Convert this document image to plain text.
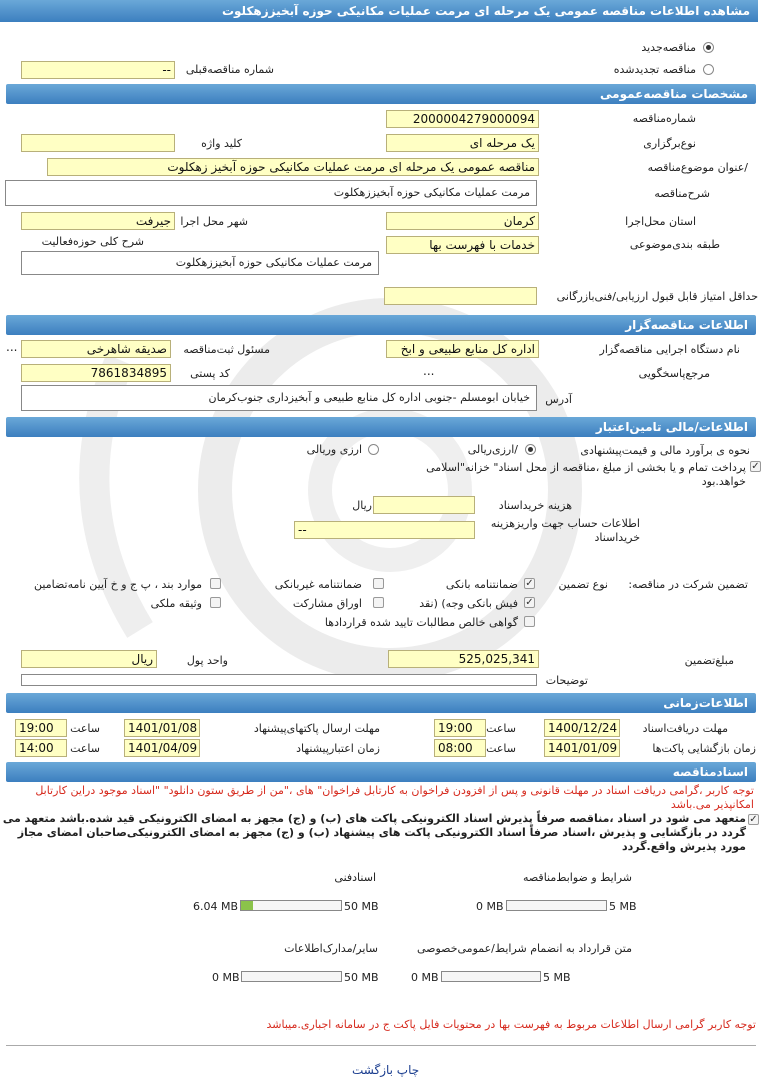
مشاهده اطلاعات مناقصه عمومی یک مرحله ای مرمت عملیات مکانیکی حوزه آبخیززهکلوت
مناقصه‌جدید
مناقصه تجدیدشده
شماره مناقصه‌قبلی
--
مشخصات مناقصه‌عمومی
شماره‌مناقصه
2000004279000094
نوع‌برگزاری
یک مرحله ای
کلید واژه
/عنوان موضوع‌مناقصه
مناقصه عمومی یک مرحله ای مرمت عملیات مکانیکی حوزه آبخیز زهکلوت
شرح‌مناقصه
مرمت عملیات مکانیکی حوزه آبخیززهکلوت
استان محل‌اجرا
کرمان
شهر محل اجرا
جیرفت
طبقه بندی‌موضوعی
خدمات با فهرست بها
شرح کلی حوزه‌فعالیت
مرمت عملیات مکانیکی حوزه آبخیززهکلوت
حداقل امتیاز قابل قبول ارزیابی/فنی‌بازرگانی
اطلاعات مناقصه‌گزار
نام دستگاه اجرایی مناقصه‌گزار
اداره کل منابع طبیعی و ابخ
مسئول ثبت‌مناقصه
صدیقه شاهرخی
...
مرجع‌پاسخگویی
...
کد پستی
7861834895
آدرس
خیابان ابومسلم -جنوبی اداره کل منابع طبیعی و آبخیزداری جنوب‌کرمان
اطلاعات/مالی تامین‌اعتبار
نحوه ی برآورد مالی و قیمت‌پیشنهادی
/ارزی‌ریالی
ارزی وریالی
✓
پرداخت تمام و یا بخشی از مبلغ ،مناقصه از محل اسناد" خزانه"اسلامی خواهد.بود
هزینه خریداسناد
ریال
اطلاعات حساب جهت واریزهزینه خریداسناد
--
تضمین شرکت در مناقصه:
نوع تضمین
✓
ضمانتنامه بانکی
ضمانتنامه غیربانکی
موارد بند ، پ ج و خ آیین نامه‌تضامین
✓
فیش بانکی وجه) (نقد
اوراق مشارکت
وثیقه ملکی
گواهی خالص مطالبات تایید شده قراردادها
مبلغ‌تضمین
525,025,341
واحد پول
ریال
توضیحات
اطلاعات‌زمانی
مهلت دریافت‌اسناد
1400/12/24
ساعت
19:00
مهلت ارسال پاکتهای‌پیشنهاد
1401/01/08
ساعت
19:00
زمان بازگشایی پاکت‌ها
1401/01/09
ساعت
08:00
زمان اعتبارپیشنهاد
1401/04/09
ساعت
14:00
اسنادمناقصه
توجه کاربر ،گرامی دریافت اسناد در مهلت قانونی و پس از افزودن فراخوان به کارتابل فراخوان" های ،"من از طریق ستون دانلود" "اسناد موجود دراین کارتابل امکانپذیر می.باشد
✓
متعهد می شود در اسناد ،مناقصه صرفاً پذیرش اسناد الکترونیکی پاکت های (ب) و (ج) مجهز به امضای الکترونیکی قید شده.باشد متعهد می گردد در بازگشایی و پذیرش ،اسناد صرفاً اسناد الکترونیکی پاکت های پیشنهاد (ب) و (ج) مجهز به امضای الکترونیکی‌صاحبان امضای مجاز مورد پذیرش واقع.گردد
شرایط و ضوابط‌مناقصه
0 MB	5 MB
اسنادفنی
6.04 MB	50 MB
متن قرارداد به انضمام شرایط/عمومی‌خصوصی
0 MB	5 MB
سایر/مدارک‌اطلاعات
0 MB	50 MB
توجه کاربر گرامی ارسال اطلاعات مربوط به فهرست بها در محتویات فایل پاکت ج در سامانه اجباری.میباشد
چاپ بازگشت
